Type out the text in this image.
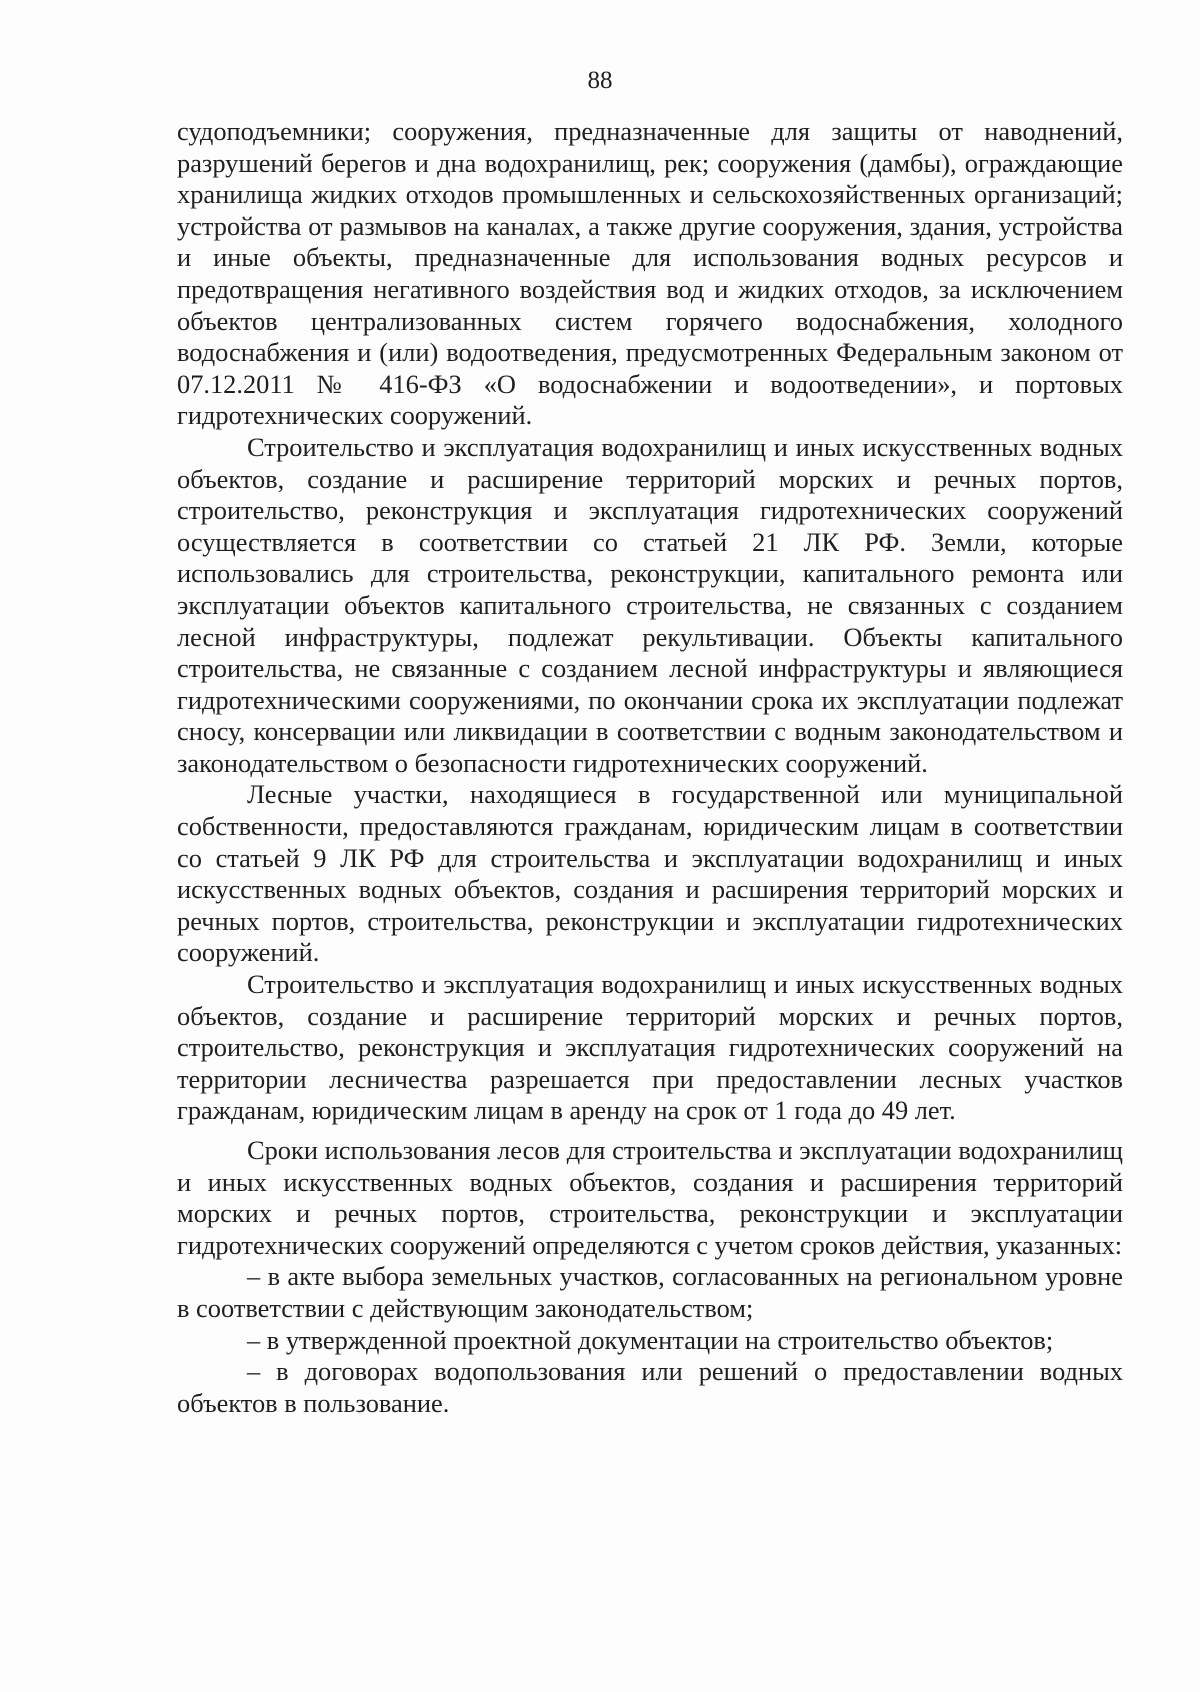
88

судоподъемники; сооружения, предназначенные для защиты от наводнений, разрушений берегов и дна водохранилищ, рек; сооружения (дамбы), ограждающие хранилища жидких отходов промышленных и сельскохозяйственных организаций; устройства от размывов на каналах, а также другие сооружения, здания, устройства и иные объекты, предназначенные для использования водных ресурсов и предотвращения негативного воздействия вод и жидких отходов, за исключением объектов централизованных систем горячего водоснабжения, холодного водоснабжения и (или) водоотведения, предусмотренных Федеральным законом от 07.12.2011 № 416-ФЗ «О водоснабжении и водоотведении», и портовых гидротехнических сооружений.

Строительство и эксплуатация водохранилищ и иных искусственных водных объектов, создание и расширение территорий морских и речных портов, строительство, реконструкция и эксплуатация гидротехнических сооружений осуществляется в соответствии со статьей 21 ЛК РФ. Земли, которые использовались для строительства, реконструкции, капитального ремонта или эксплуатации объектов капитального строительства, не связанных с созданием лесной инфраструктуры, подлежат рекультивации. Объекты капитального строительства, не связанные с созданием лесной инфраструктуры и являющиеся гидротехническими сооружениями, по окончании срока их эксплуатации подлежат сносу, консервации или ликвидации в соответствии с водным законодательством и законодательством о безопасности гидротехнических сооружений.

Лесные участки, находящиеся в государственной или муниципальной собственности, предоставляются гражданам, юридическим лицам в соответствии со статьей 9 ЛК РФ для строительства и эксплуатации водохранилищ и иных искусственных водных объектов, создания и расширения территорий морских и речных портов, строительства, реконструкции и эксплуатации гидротехнических сооружений.

Строительство и эксплуатация водохранилищ и иных искусственных водных объектов, создание и расширение территорий морских и речных портов, строительство, реконструкция и эксплуатация гидротехнических сооружений на территории лесничества разрешается при предоставлении лесных участков гражданам, юридическим лицам в аренду на срок от 1 года до 49 лет.

Сроки использования лесов для строительства и эксплуатации водохранилищ и иных искусственных водных объектов, создания и расширения территорий морских и речных портов, строительства, реконструкции и эксплуатации гидротехнических сооружений определяются с учетом сроков действия, указанных:

– в акте выбора земельных участков, согласованных на региональном уровне в соответствии с действующим законодательством;

– в утвержденной проектной документации на строительство объектов;

– в договорах водопользования или решений о предоставлении водных объектов в пользование.
